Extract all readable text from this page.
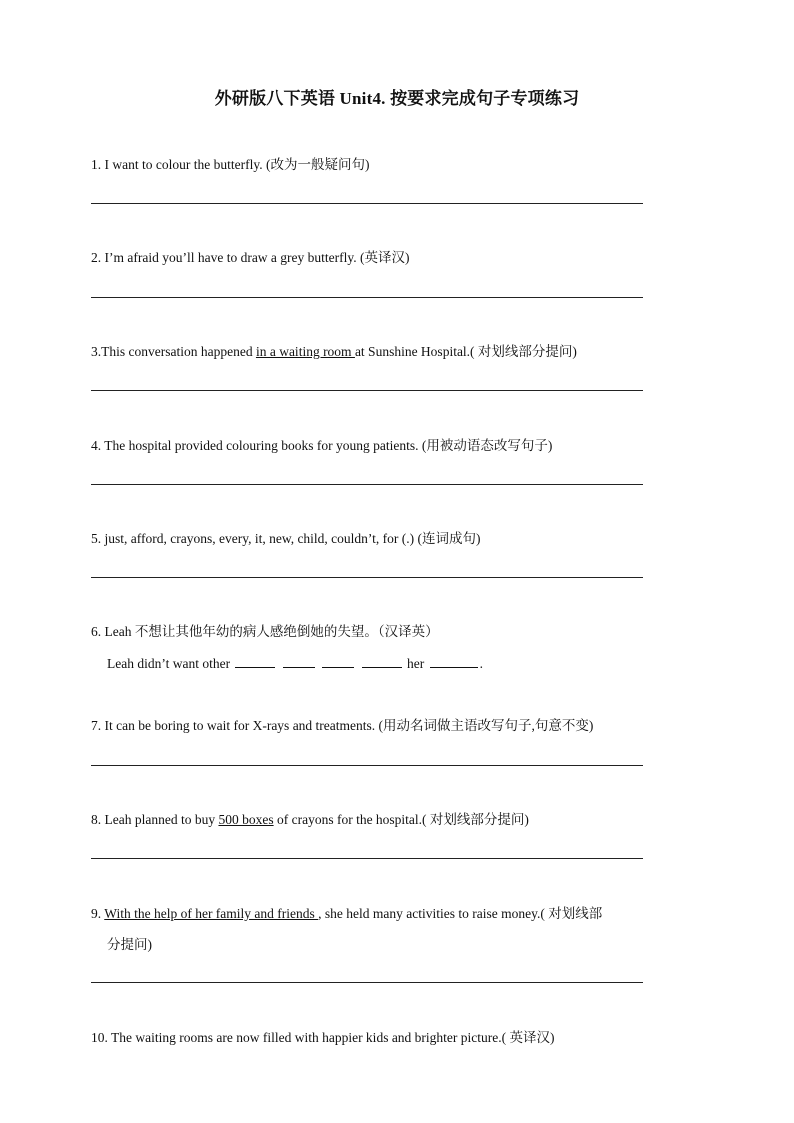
外研版八下英语 Unit4. 按要求完成句子专项练习
1. I want to colour the butterfly. (改为一般疑问句)
2. I’m afraid you’ll have to draw a grey butterfly. (英译汉)
3.This conversation happened in a waiting room at Sunshine Hospital.( 对划线部分提问)
4. The hospital provided colouring books for young patients. (用被动语态改写句子)
5. just, afford, crayons, every, it, new, child, couldn’t, for (.) (连词成句)
6. Leah 不想让其他年幼的病人感绝倒她的失望。（汉译英）
Leah didn’t want other	her	.
7. It can be boring to wait for X-rays and treatments. (用动名词做主语改写句子,句意不变)
8. Leah planned to buy 500 boxes of crayons for the hospital.( 对划线部分提问)
9. With the help of her family and friends , she held many activities to raise money.( 对划线部
分提问)
10. The waiting rooms are now filled with happier kids and brighter picture.( 英译汉)
